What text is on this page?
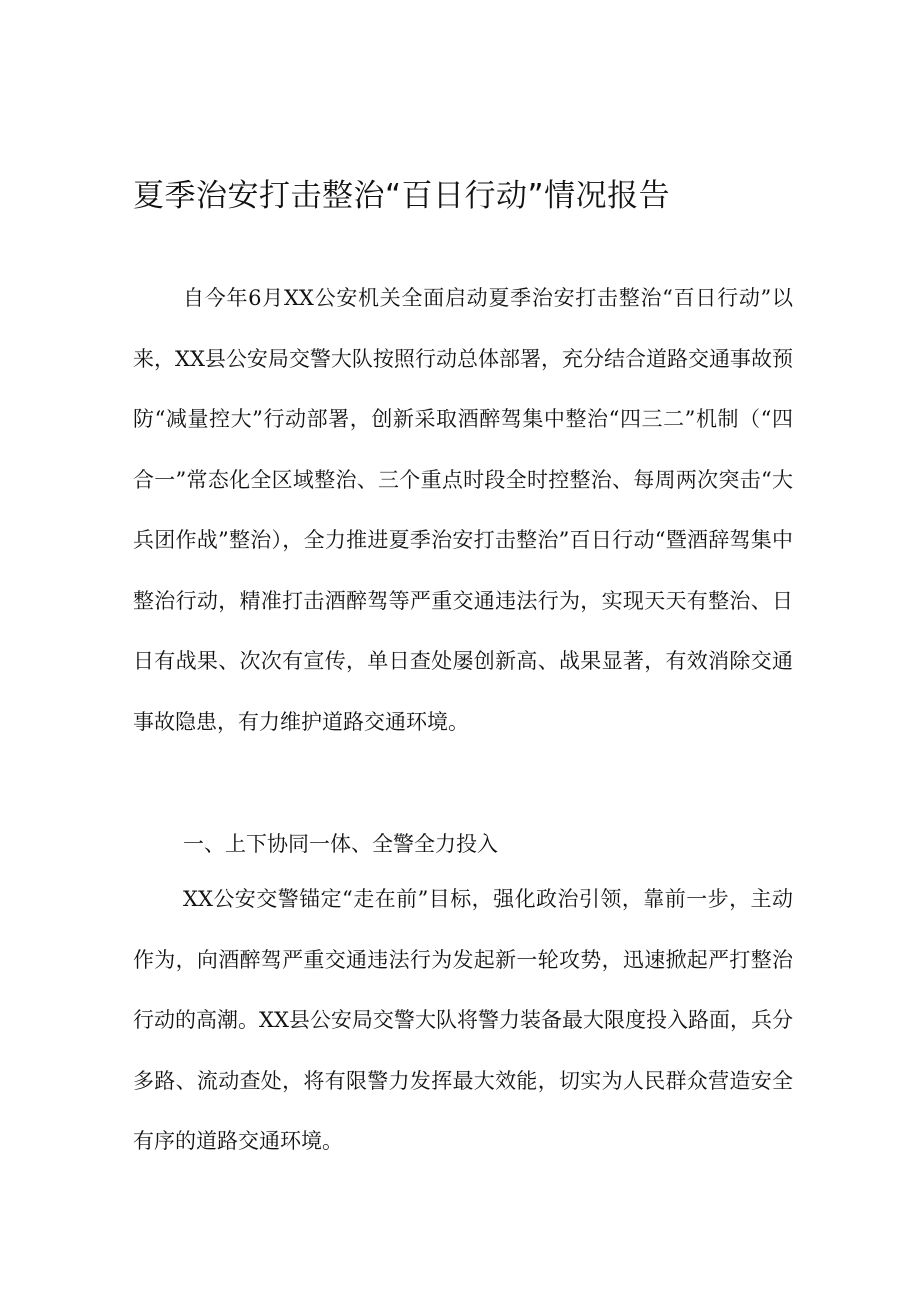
夏季治安打击整治“百日行动”情况报告

自今年6月XX公安机关全面启动夏季治安打击整治“百日行动”以来，XX县公安局交警大队按照行动总体部署，充分结合道路交通事故预防“减量控大”行动部署，创新采取酒醉驾集中整治“四三二”机制（“四合一”常态化全区域整治、三个重点时段全时控整治、每周两次突击“大兵团作战”整治），全力推进夏季治安打击整治”百日行动“暨酒辞驾集中整治行动，精准打击酒醉驾等严重交通违法行为，实现天天有整治、日日有战果、次次有宣传，单日查处屡创新高、战果显著，有效消除交通事故隐患，有力维护道路交通环境。

一、上下协同一体、全警全力投入

XX公安交警锚定“走在前”目标，强化政治引领，靠前一步，主动作为，向酒醉驾严重交通违法行为发起新一轮攻势，迅速掀起严打整治行动的高潮。XX县公安局交警大队将警力装备最大限度投入路面，兵分多路、流动查处，将有限警力发挥最大效能，切实为人民群众营造安全有序的道路交通环境。
